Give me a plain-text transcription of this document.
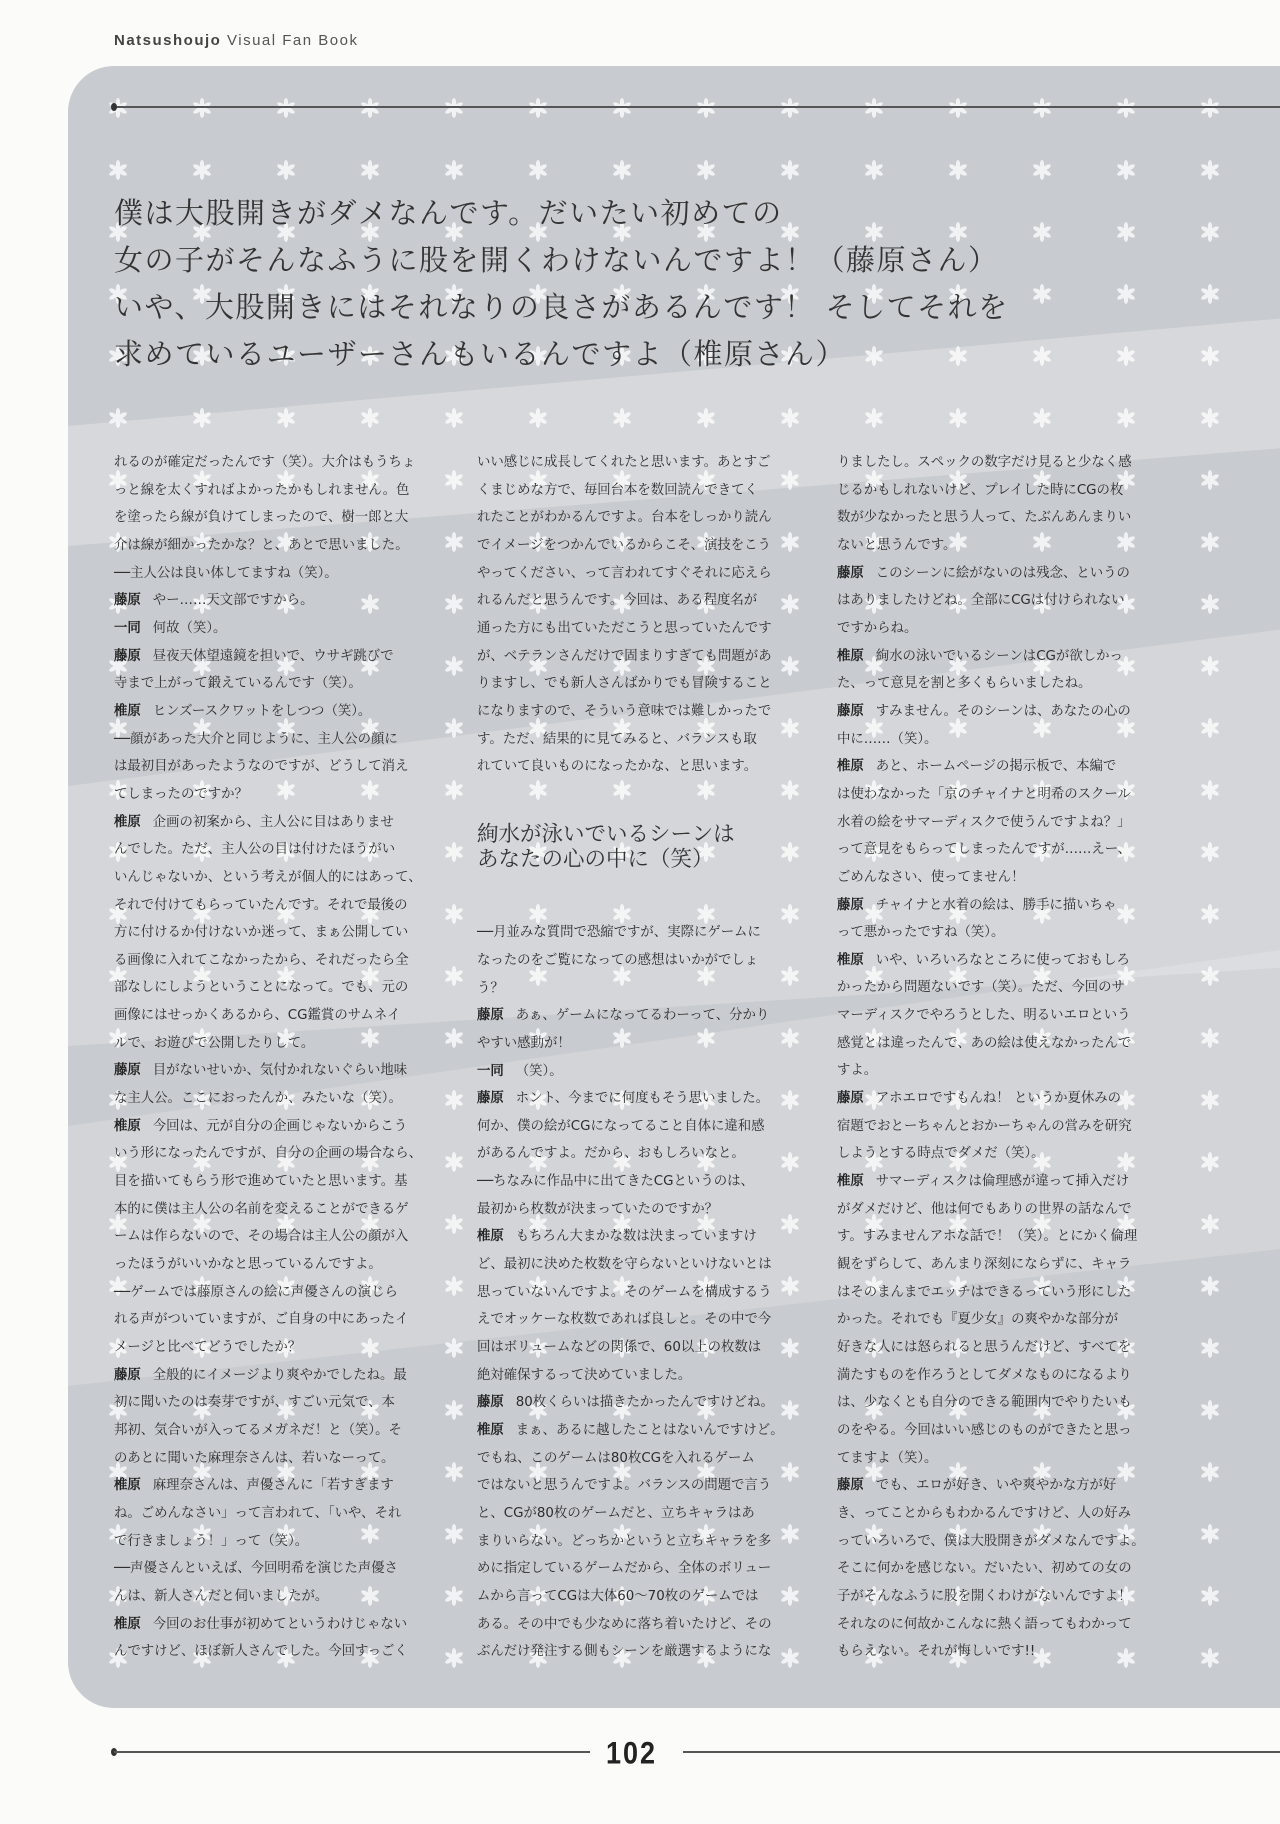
Natsushoujo Visual Fan Book
僕は大股開きがダメなんです。だいたい初めての
女の子がそんなふうに股を開くわけないんですよ！（藤原さん）
いや、大股開きにはそれなりの良さがあるんです！ そしてそれを
求めているユーザーさんもいるんですよ（椎原さん）
れるのが確定だったんです（笑）。大介はもうちょ
っと線を太くすればよかったかもしれません。色
を塗ったら線が負けてしまったので、樹一郎と大
介は線が細かったかな？と、あとで思いました。
──主人公は良い体してますね（笑）。
藤原 やー……天文部ですから。
一同 何故（笑）。
藤原 昼夜天体望遠鏡を担いで、ウサギ跳びで
寺まで上がって鍛えているんです（笑）。
椎原 ヒンズースクワットをしつつ（笑）。
──顔があった大介と同じように、主人公の顔に
は最初目があったようなのですが、どうして消え
てしまったのですか？
椎原 企画の初案から、主人公に目はありませ
んでした。ただ、主人公の目は付けたほうがい
いんじゃないか、という考えが個人的にはあって、
それで付けてもらっていたんです。それで最後の
方に付けるか付けないか迷って、まぁ公開してい
る画像に入れてこなかったから、それだったら全
部なしにしようということになって。でも、元の
画像にはせっかくあるから、CG鑑賞のサムネイ
ルで、お遊びで公開したりして。
藤原 目がないせいか、気付かれないぐらい地味
な主人公。ここにおったんか、みたいな（笑）。
椎原 今回は、元が自分の企画じゃないからこう
いう形になったんですが、自分の企画の場合なら、
目を描いてもらう形で進めていたと思います。基
本的に僕は主人公の名前を変えることができるゲ
ームは作らないので、その場合は主人公の顔が入
ったほうがいいかなと思っているんですよ。
──ゲームでは藤原さんの絵に声優さんの演じら
れる声がついていますが、ご自身の中にあったイ
メージと比べてどうでしたか？
藤原 全般的にイメージより爽やかでしたね。最
初に聞いたのは奏芽ですが、すごい元気で、本
邦初、気合いが入ってるメガネだ！と（笑）。そ
のあとに聞いた麻理奈さんは、若いなーって。
椎原 麻理奈さんは、声優さんに「若すぎます
ね。ごめんなさい」って言われて、「いや、それ
で行きましょう！」って（笑）。
──声優さんといえば、今回明希を演じた声優さ
んは、新人さんだと伺いましたが。
椎原 今回のお仕事が初めてというわけじゃない
んですけど、ほぼ新人さんでした。今回すっごく
いい感じに成長してくれたと思います。あとすご
くまじめな方で、毎回台本を数回読んできてく
れたことがわかるんですよ。台本をしっかり読ん
でイメージをつかんでいるからこそ、演技をこう
やってください、って言われてすぐそれに応えら
れるんだと思うんです。今回は、ある程度名が
通った方にも出ていただこうと思っていたんです
が、ベテランさんだけで固まりすぎても問題があ
りますし、でも新人さんばかりでも冒険すること
になりますので、そういう意味では難しかったで
す。ただ、結果的に見てみると、バランスも取
れていて良いものになったかな、と思います。
──月並みな質問で恐縮ですが、実際にゲームに
なったのをご覧になっての感想はいかがでしょ
う？
藤原 あぁ、ゲームになってるわーって、分かり
やすい感動が！
一同 （笑）。
藤原 ホント、今までに何度もそう思いました。
何か、僕の絵がCGになってること自体に違和感
があるんですよ。だから、おもしろいなと。
──ちなみに作品中に出てきたCGというのは、
最初から枚数が決まっていたのですか？
椎原 もちろん大まかな数は決まっていますけ
ど、最初に決めた枚数を守らないといけないとは
思っていないんですよ。そのゲームを構成するう
えでオッケーな枚数であれば良しと。その中で今
回はボリュームなどの関係で、60以上の枚数は
絶対確保するって決めていました。
藤原 80枚くらいは描きたかったんですけどね。
椎原 まぁ、あるに越したことはないんですけど。
でもね、このゲームは80枚CGを入れるゲーム
ではないと思うんですよ。バランスの問題で言う
と、CGが80枚のゲームだと、立ちキャラはあ
まりいらない。どっちかというと立ちキャラを多
めに指定しているゲームだから、全体のボリュー
ムから言ってCGは大体60～70枚のゲームでは
ある。その中でも少なめに落ち着いたけど、その
ぶんだけ発注する側もシーンを厳選するようにな
絢水が泳いでいるシーンは
あなたの心の中に（笑）
りましたし。スペックの数字だけ見ると少なく感
じるかもしれないけど、プレイした時にCGの枚
数が少なかったと思う人って、たぶんあんまりい
ないと思うんです。
藤原 このシーンに絵がないのは残念、というの
はありましたけどね。全部にCGは付けられない
ですからね。
椎原 絢水の泳いでいるシーンはCGが欲しかっ
た、って意見を割と多くもらいましたね。
藤原 すみません。そのシーンは、あなたの心の
中に……（笑）。
椎原 あと、ホームページの掲示板で、本編で
は使わなかった「京のチャイナと明希のスクール
水着の絵をサマーディスクで使うんですよね？」
って意見をもらってしまったんですが……えー、
ごめんなさい、使ってません！
藤原 チャイナと水着の絵は、勝手に描いちゃ
って悪かったですね（笑）。
椎原 いや、いろいろなところに使っておもしろ
かったから問題ないです（笑）。ただ、今回のサ
マーディスクでやろうとした、明るいエロという
感覚とは違ったんで、あの絵は使えなかったんで
すよ。
藤原 アホエロですもんね！ というか夏休みの
宿題でおとーちゃんとおかーちゃんの営みを研究
しようとする時点でダメだ（笑）。
椎原 サマーディスクは倫理感が違って挿入だけ
がダメだけど、他は何でもありの世界の話なんで
す。すみませんアホな話で！（笑）。とにかく倫理
観をずらして、あんまり深刻にならずに、キャラ
はそのまんまでエッチはできるっていう形にした
かった。それでも『夏少女』の爽やかな部分が
好きな人には怒られると思うんだけど、すべてを
満たすものを作ろうとしてダメなものになるより
は、少なくとも自分のできる範囲内でやりたいも
のをやる。今回はいい感じのものができたと思っ
てますよ（笑）。
藤原 でも、エロが好き、いや爽やかな方が好
き、ってことからもわかるんですけど、人の好み
っていろいろで、僕は大股開きがダメなんですよ。
そこに何かを感じない。だいたい、初めての女の
子がそんなふうに股を開くわけがないんですよ！
それなのに何故かこんなに熱く語ってもわかって
もらえない。それが悔しいです!!
102
